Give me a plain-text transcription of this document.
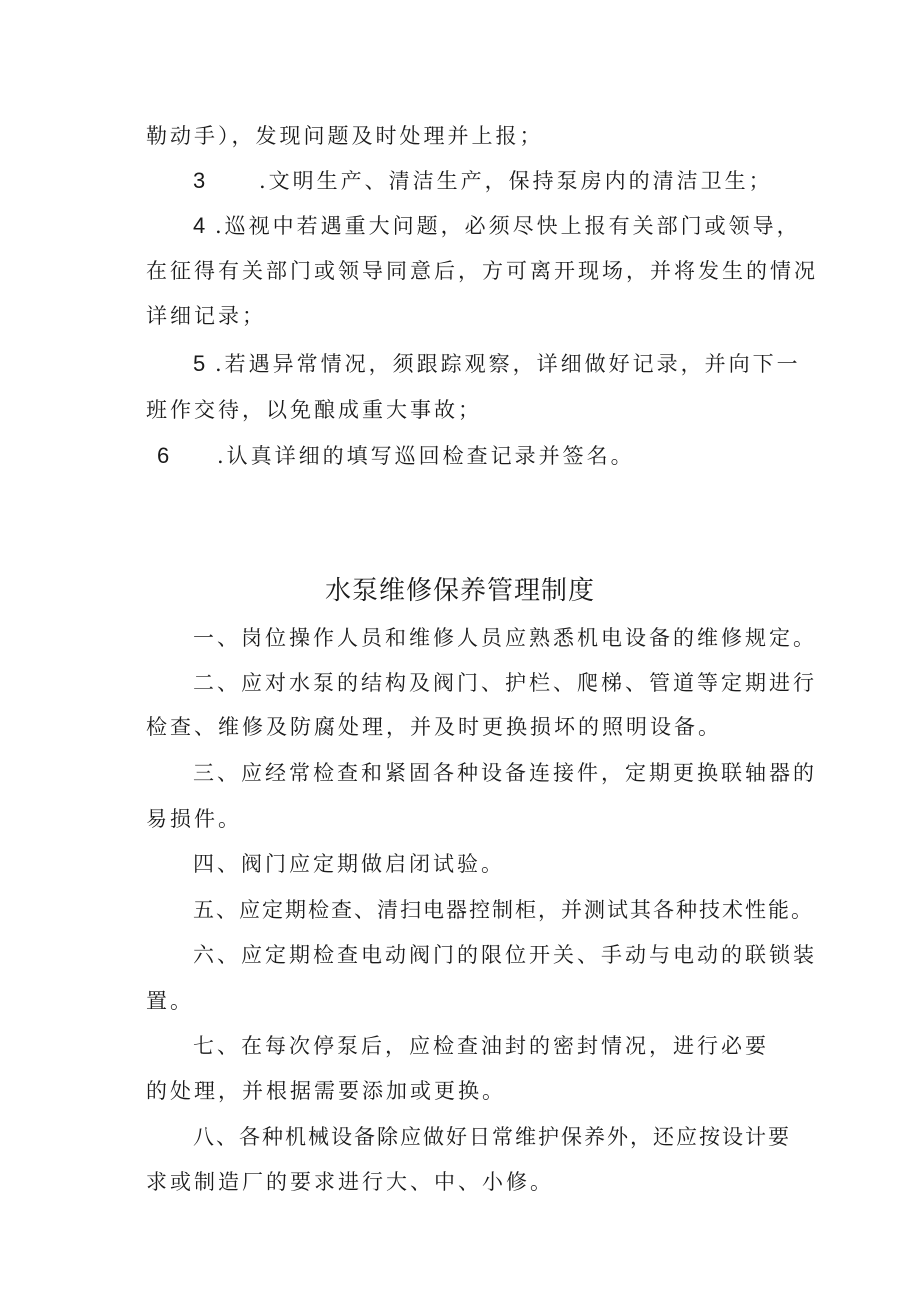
勒动手），发现问题及时处理并上报；
3	.文明生产、清洁生产，保持泵房内的清洁卫生；
4 .巡视中若遇重大问题，必须尽快上报有关部门或领导，
在征得有关部门或领导同意后，方可离开现场，并将发生的情况
详细记录；
5 .若遇异常情况，须跟踪观察，详细做好记录，并向下一
班作交待，以免酿成重大事故；
6 .认真详细的填写巡回检查记录并签名。
水泵维修保养管理制度
一、岗位操作人员和维修人员应熟悉机电设备的维修规定。
二、应对水泵的结构及阀门、护栏、爬梯、管道等定期进行
检查、维修及防腐处理，并及时更换损坏的照明设备。
三、应经常检查和紧固各种设备连接件，定期更换联轴器的
易损件。
四、阀门应定期做启闭试验。
五、应定期检查、清扫电器控制柜，并测试其各种技术性能。
六、应定期检查电动阀门的限位开关、手动与电动的联锁装
置。
七、在每次停泵后，应检查油封的密封情况，进行必要
的处理，并根据需要添加或更换。
八、各种机械设备除应做好日常维护保养外，还应按设计要
求或制造厂的要求进行大、中、小修。
